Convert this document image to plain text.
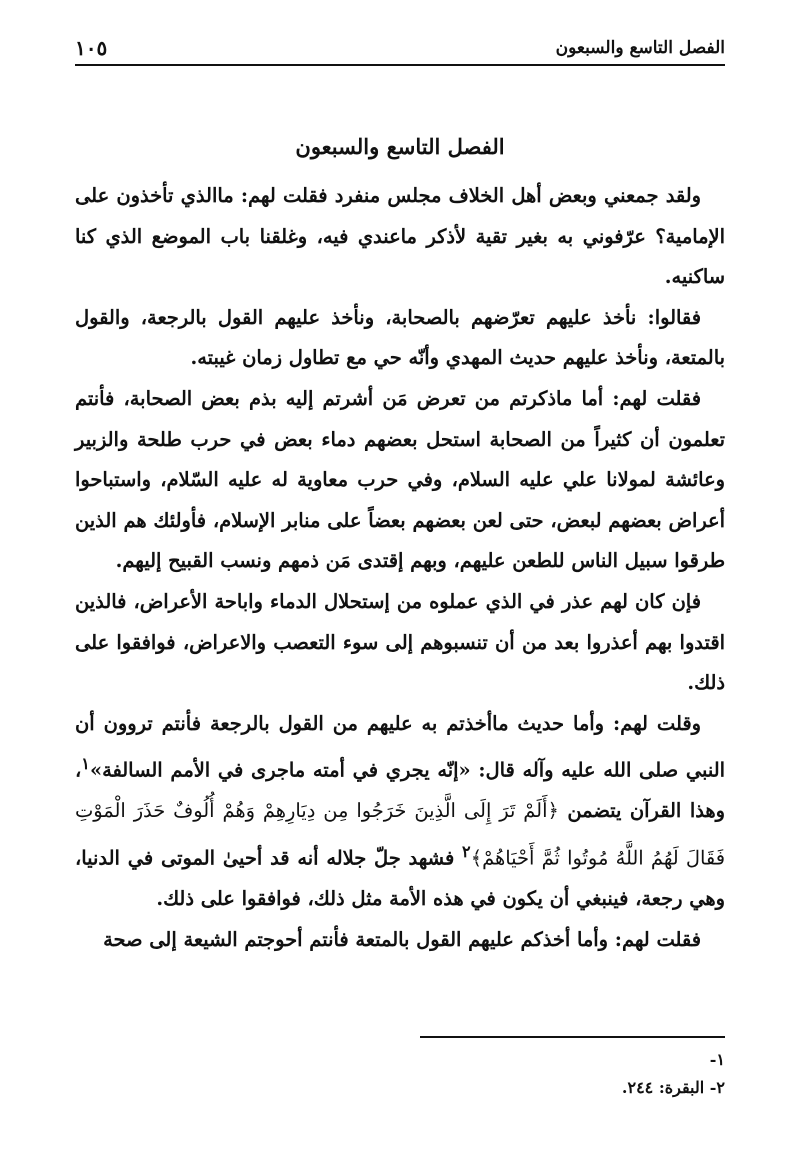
١٠٥	الفصل التاسع والسبعون
الفصل التاسع والسبعون

ولقد جمعني وبعض أهل الخلاف مجلس منفرد فقلت لهم: ماالذي تأخذون على الإمامية؟ عرّفوني به بغير تقية لأذكر ماعندي فيه، وغلقنا باب الموضع الذي كنا ساكنيه.

فقالوا: نأخذ عليهم تعرّضهم بالصحابة، ونأخذ عليهم القول بالرجعة، والقول بالمتعة، ونأخذ عليهم حديث المهدي وأنّه حي مع تطاول زمان غيبته.

فقلت لهم: أما ماذكرتم من تعرض مَن أشرتم إليه بذم بعض الصحابة، فأنتم تعلمون أن كثيراً من الصحابة استحل بعضهم دماء بعض في حرب طلحة والزبير وعائشة لمولانا علي عليه السلام، وفي حرب معاوية له عليه السّلام، واستباحوا أعراض بعضهم لبعض، حتى لعن بعضهم بعضاً على منابر الإسلام، فأولئك هم الذين طرقوا سبيل الناس للطعن عليهم، وبهم إقتدى مَن ذمهم ونسب القبيح إليهم.

فإن كان لهم عذر في الذي عملوه من إستحلال الدماء واباحة الأعراض، فالذين اقتدوا بهم أعذروا بعد من أن تنسبوهم إلى سوء التعصب والاعراض، فوافقوا على ذلك.

وقلت لهم: وأما حديث ماأخذتم به عليهم من القول بالرجعة فأنتم تروون أن النبي صلى الله عليه وآله قال: «إنّه يجري في أمته ماجرى في الأمم السالفة»$^١$، وهذا القرآن يتضمن ﴿أَلَمْ تَرَ إِلَى الَّذِينَ خَرَجُوا مِن دِيَارِهِمْ وَهُمْ أُلُوفٌ حَذَرَ الْمَوْتِ فَقَالَ لَهُمُ اللَّهُ مُوتُوا ثُمَّ أَحْيَاهُمْ﴾$^٢$ فشهد جلّ جلاله أنه قد أحيىٰ الموتى في الدنيا، وهي رجعة، فينبغي أن يكون في هذه الأمة مثل ذلك، فوافقوا على ذلك.

فقلت لهم: وأما أخذكم عليهم القول بالمتعة فأنتم أحوجتم الشيعة إلى صحة

١-
٢- البقرة: ٢٤٤.
